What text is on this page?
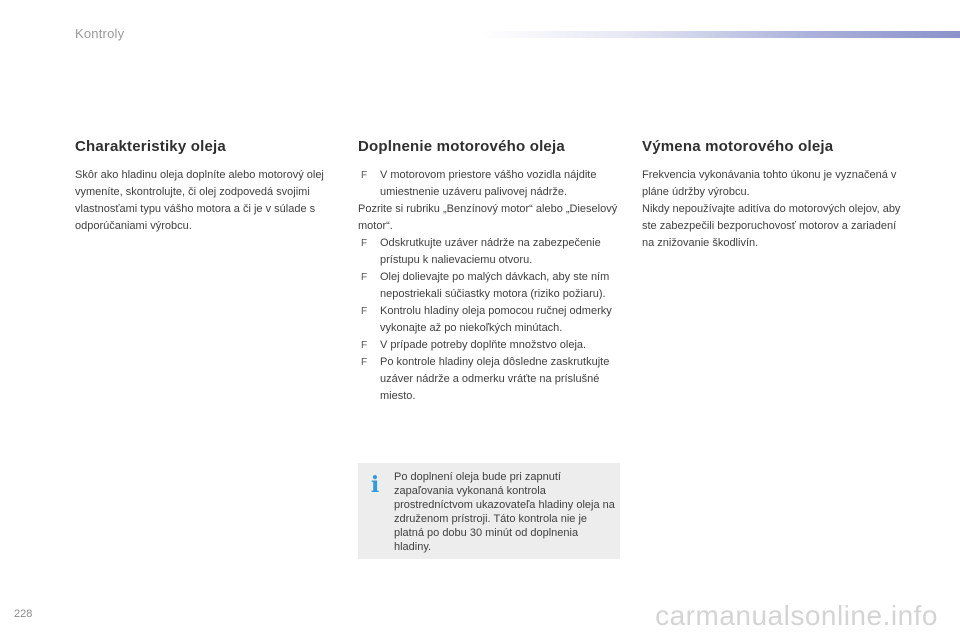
Kontroly
Charakteristiky oleja

Skôr ako hladinu oleja doplníte alebo motorový olej vymeníte, skontrolujte, či olej zodpovedá svojimi vlastnosťami typu vášho motora a či je v súlade s odporúčaniami výrobcu.

Doplnenie motorového oleja
F V motorovom priestore vášho vozidla nájdite umiestnenie uzáveru palivovej nádrže.
Pozrite si rubriku „Benzínový motor“ alebo „Dieselový motor“.
F Odskrutkujte uzáver nádrže na zabezpečenie prístupu k nalievaciemu otvoru.
F Olej dolievajte po malých dávkach, aby ste ním nepostriekali súčiastky motora (riziko požiaru).
F Kontrolu hladiny oleja pomocou ručnej odmerky vykonajte až po niekoľkých minútach.
F V prípade potreby doplňte množstvo oleja.
F Po kontrole hladiny oleja dôsledne zaskrutkujte uzáver nádrže a odmerku vráťte na príslušné miesto.
Výmena motorového oleja

Frekvencia vykonávania tohto úkonu je vyznačená v pláne údržby výrobcu.

Nikdy nepoužívajte aditíva do motorových olejov, aby ste zabezpečili bezporuchovosť motorov a zariadení na znižovanie škodlivín.

i Po doplnení oleja bude pri zapnutí zapaľovania vykonaná kontrola prostredníctvom ukazovateľa hladiny oleja na združenom prístroji. Táto kontrola nie je platná po dobu 30 minút od doplnenia hladiny.
228	carmanualsonline.info
